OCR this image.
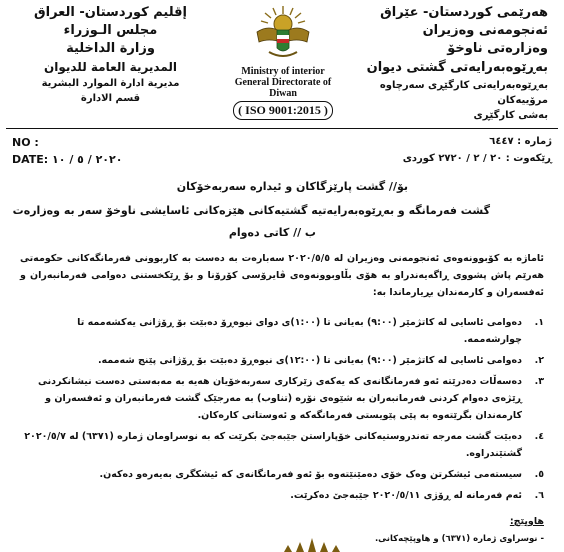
هەرێمی کوردستان- عێراق
ئەنجومەنی وەزیران
وەزارەتی ناوخۆ
بەڕێوەبەرایەتی گشتی دیوان
بەڕێوەبەرایەتی کارگێڕی سەرچاوە مرۆییەکان
بەشی کارگێڕی
Ministry of interior
General Directorate of Diwan
( ISO 9001:2015 )
إقليم كوردستان- العراق
مجلس الـوزراء
وزارة الداخلية
المديرية العامة للديوان
مديرية ادارة الموارد البشرية
قسم الادارة
NO :	ژمارە : ٦٤٤٧
DATE: ٢٠٢٠ / ٥ / ١٠	ڕێکەوت : ٢٠ / ٢ / ٢٧٢٠ کوردی
بۆ// گشت پارێزگاکان و ئیدارە سەربەخۆکان
گشت فەرمانگە و بەڕێوەبەرایەتیە گشتیەکانی هێزەکانی ئاسایشی ناوخۆ سەر بە وەزارەت
ب // کاتی دەوام
ئاماژە بە کۆبوونەوەی ئەنجومەنی وەزیران لە ٢٠٢٠/٥/٥ سەبارەت بە دەست بە کاربوونی فەرمانگەکانی حکومەتی هەرێم پاش پشووی ڕاگەیەندراو بە هۆی بڵاوبوونەوەی ڤایرۆسی کۆرۆنا و بۆ ڕێکخستنی دەوامی فەرمانبەران و ئەفسەران و کارمەندان بڕیارماندا بە:
١.
دەوامی ئاسایی لە کاتژمێر (٩:٠٠) بەیانی تا (١:٠٠)ی دوای نیوەڕۆ دەبێت بۆ ڕۆژانی یەکشەممە تا چوارشەممە.
٢.
دەوامی ئاسایی لە کاتژمێر (٩:٠٠) بەیانی تا (١٢:٠٠)ی نیوەڕۆ دەبێت بۆ ڕۆژانی پێنج شەممە.
٣.
دەسەڵات دەدرێتە ئەو فەرمانگانەی کە یەکەی زێرکاری سەربەخۆیان هەیە بە مەبەستی دەست نیشانکردنی ڕێژەی دەوام کردنی فەرمانبەران بە شێوەی نۆرە (تناوب) بە مەرجێک گشت فەرمانبەران و ئەفسەران و کارمەندان بگرێتەوە بە پێی پێویستی فەرمانگەکە و ئەوستانی کارەکان.
٤.
دەبێت گشت مەرجە تەندروستیەکانی خۆپاراستن جێبەجێ بکرێت کە بە نوسراومان ژمارە (٦٣٧١) لە ٢٠٢٠/٥/٧ گشتێندراوە.
٥.
سیستەمی ئیشکرتن وەک خۆی دەمێنێتەوە بۆ ئەو فەرمانگانەی کە ئیشکگری بەیەرەو دەکەن.
٦.
ئەم فەرمانە لە ڕۆژی ٢٠٢٠/٥/١١ جێبەجێ دەکرێت.
هاوپێچ:
- نوسراوی ژمارە (٦٣٧١) و هاوپێچەکانی.
